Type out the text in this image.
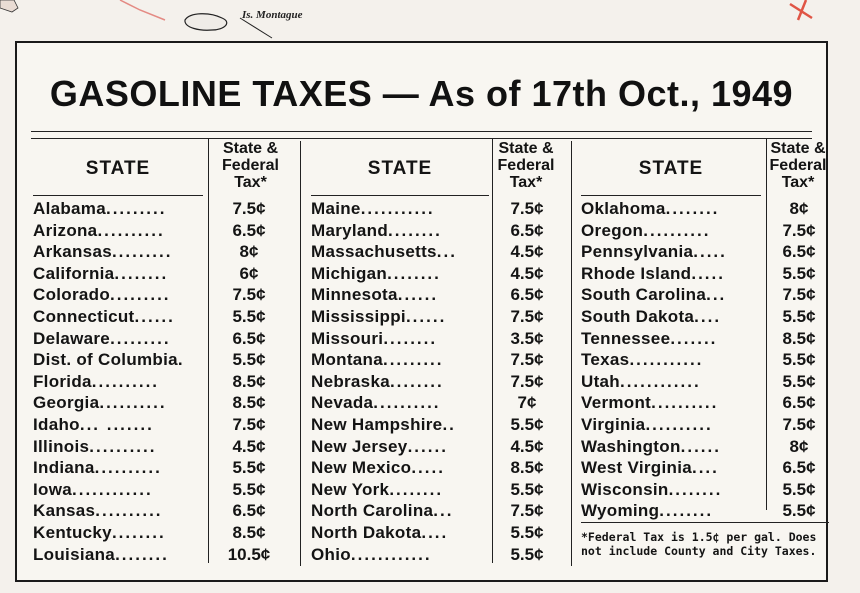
Is. Montague
GASOLINE TAXES — As of 17th Oct., 1949
STATE
State &
Federal
Tax*
Alabama.........	7.5¢
Arizona..........	6.5¢
Arkansas.........	8¢
California........	6¢
Colorado.........	7.5¢
Connecticut......	5.5¢
Delaware.........	6.5¢
Dist. of Columbia.	5.5¢
Florida..........	8.5¢
Georgia..........	8.5¢
Idaho... .......	7.5¢
Illinois..........	4.5¢
Indiana..........	5.5¢
Iowa............	5.5¢
Kansas..........	6.5¢
Kentucky........	8.5¢
Louisiana........	10.5¢
STATE
State &
Federal
Tax*
Maine...........	7.5¢
Maryland........	6.5¢
Massachusetts...	4.5¢
Michigan........	4.5¢
Minnesota......	6.5¢
Mississippi......	7.5¢
Missouri........	3.5¢
Montana.........	7.5¢
Nebraska........	7.5¢
Nevada..........	7¢
New Hampshire..	5.5¢
New Jersey......	4.5¢
New Mexico.....	8.5¢
New York........	5.5¢
North Carolina...	7.5¢
North Dakota....	5.5¢
Ohio............	5.5¢
STATE
State &
Federal
Tax*
Oklahoma........	8¢
Oregon..........	7.5¢
Pennsylvania.....	6.5¢
Rhode Island.....	5.5¢
South Carolina...	7.5¢
South Dakota....	5.5¢
Tennessee.......	8.5¢
Texas...........	5.5¢
Utah............	5.5¢
Vermont..........	6.5¢
Virginia..........	7.5¢
Washington......	8¢
West Virginia....	6.5¢
Wisconsin........	5.5¢
Wyoming........	5.5¢
*Federal Tax is 1.5¢ per gal. Does not include County and City Taxes.
